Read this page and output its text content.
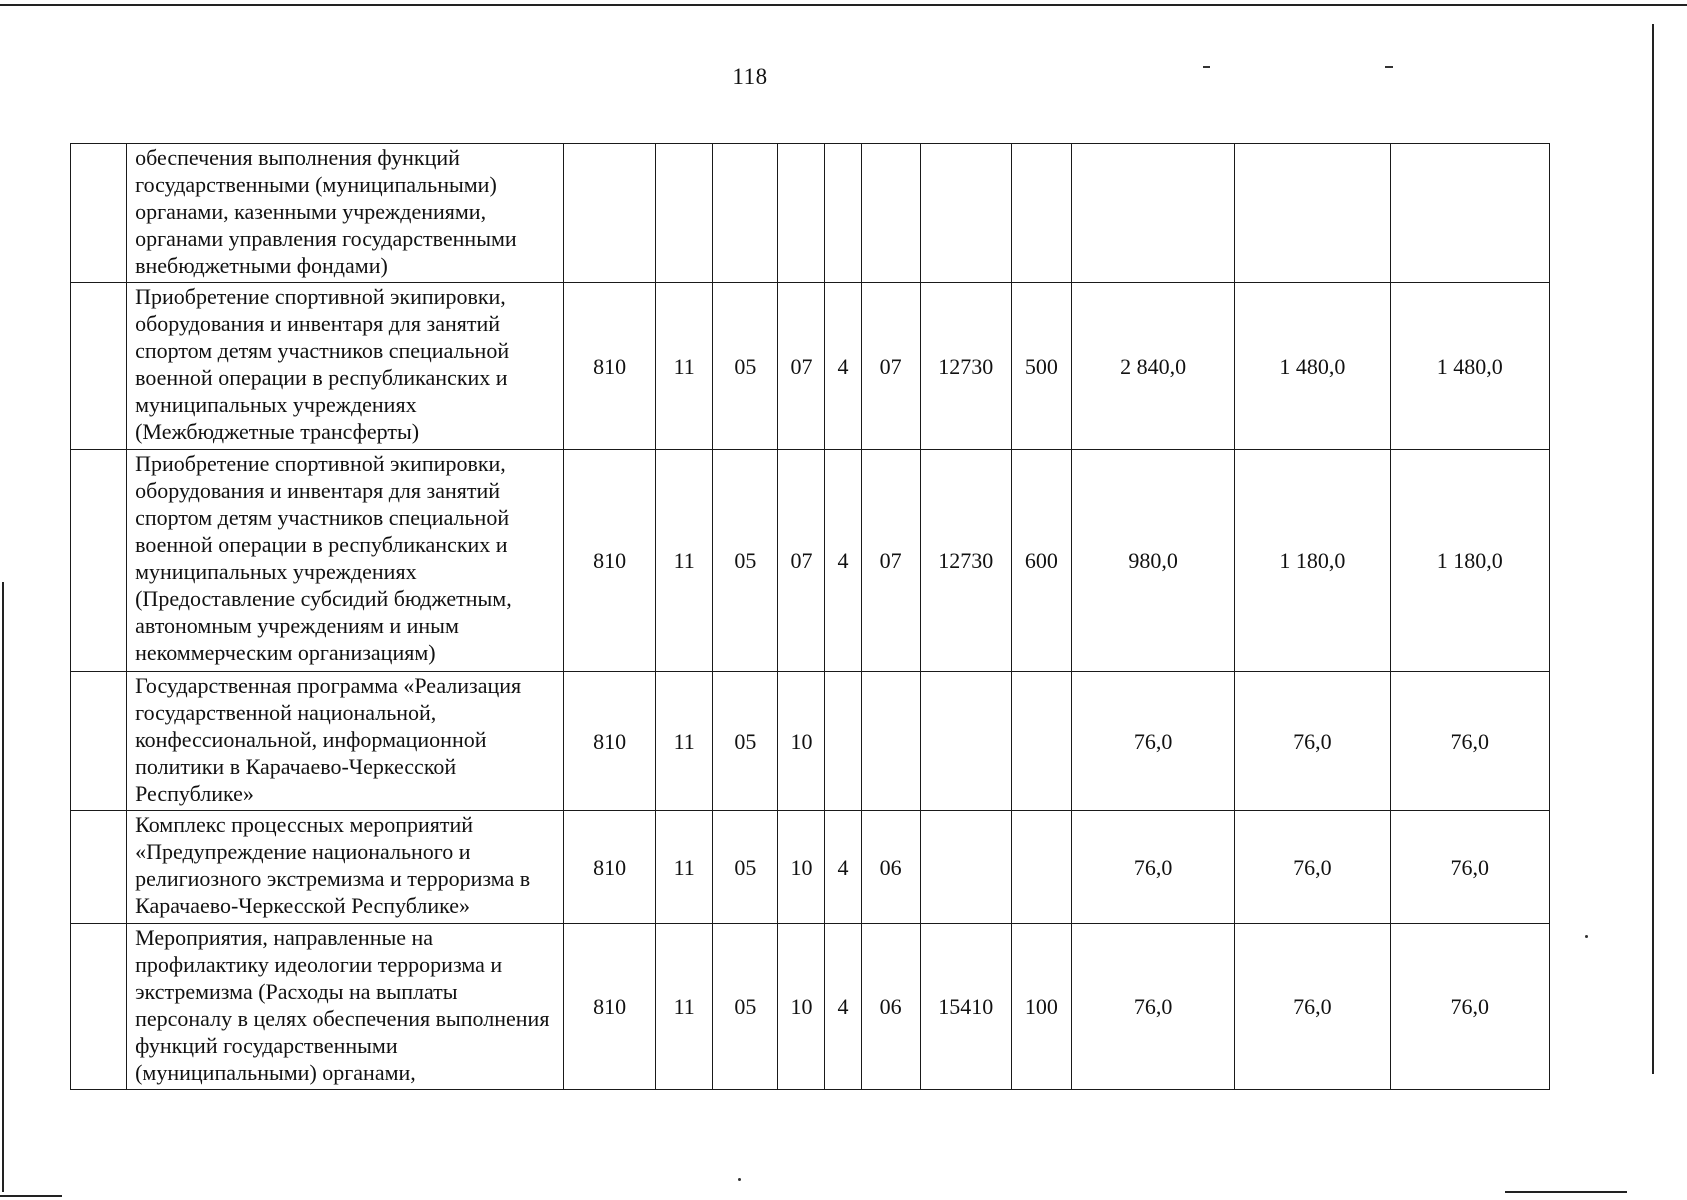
118
	обеспечения выполнения функций государственными (муниципальными) органами, казенными учреждениями, органами управления государственными внебюджетными фондами)											
	Приобретение спортивной экипировки, оборудования и инвентаря для занятий спортом детям участников специальной военной операции в республиканских и муниципальных учреждениях (Межбюджетные трансферты)	810	11	05	07	4	07	12730	500	2 840,0	1 480,0	1 480,0
	Приобретение спортивной экипировки, оборудования и инвентаря для занятий спортом детям участников специальной военной операции в республиканских и муниципальных учреждениях (Предоставление субсидий бюджетным, автономным учреждениям и иным некоммерческим организациям)	810	11	05	07	4	07	12730	600	980,0	1 180,0	1 180,0
	Государственная программа «Реализация государственной национальной, конфессиональной, информационной политики в Карачаево-Черкесской Республике»	810	11	05	10					76,0	76,0	76,0
	Комплекс процессных мероприятий «Предупреждение национального и религиозного экстремизма и терроризма в Карачаево-Черкесской Республике»	810	11	05	10	4	06			76,0	76,0	76,0
	Мероприятия, направленные на профилактику идеологии терроризма и экстремизма (Расходы на выплаты персоналу в целях обеспечения выполнения функций государственными (муниципальными) органами,	810	11	05	10	4	06	15410	100	76,0	76,0	76,0
